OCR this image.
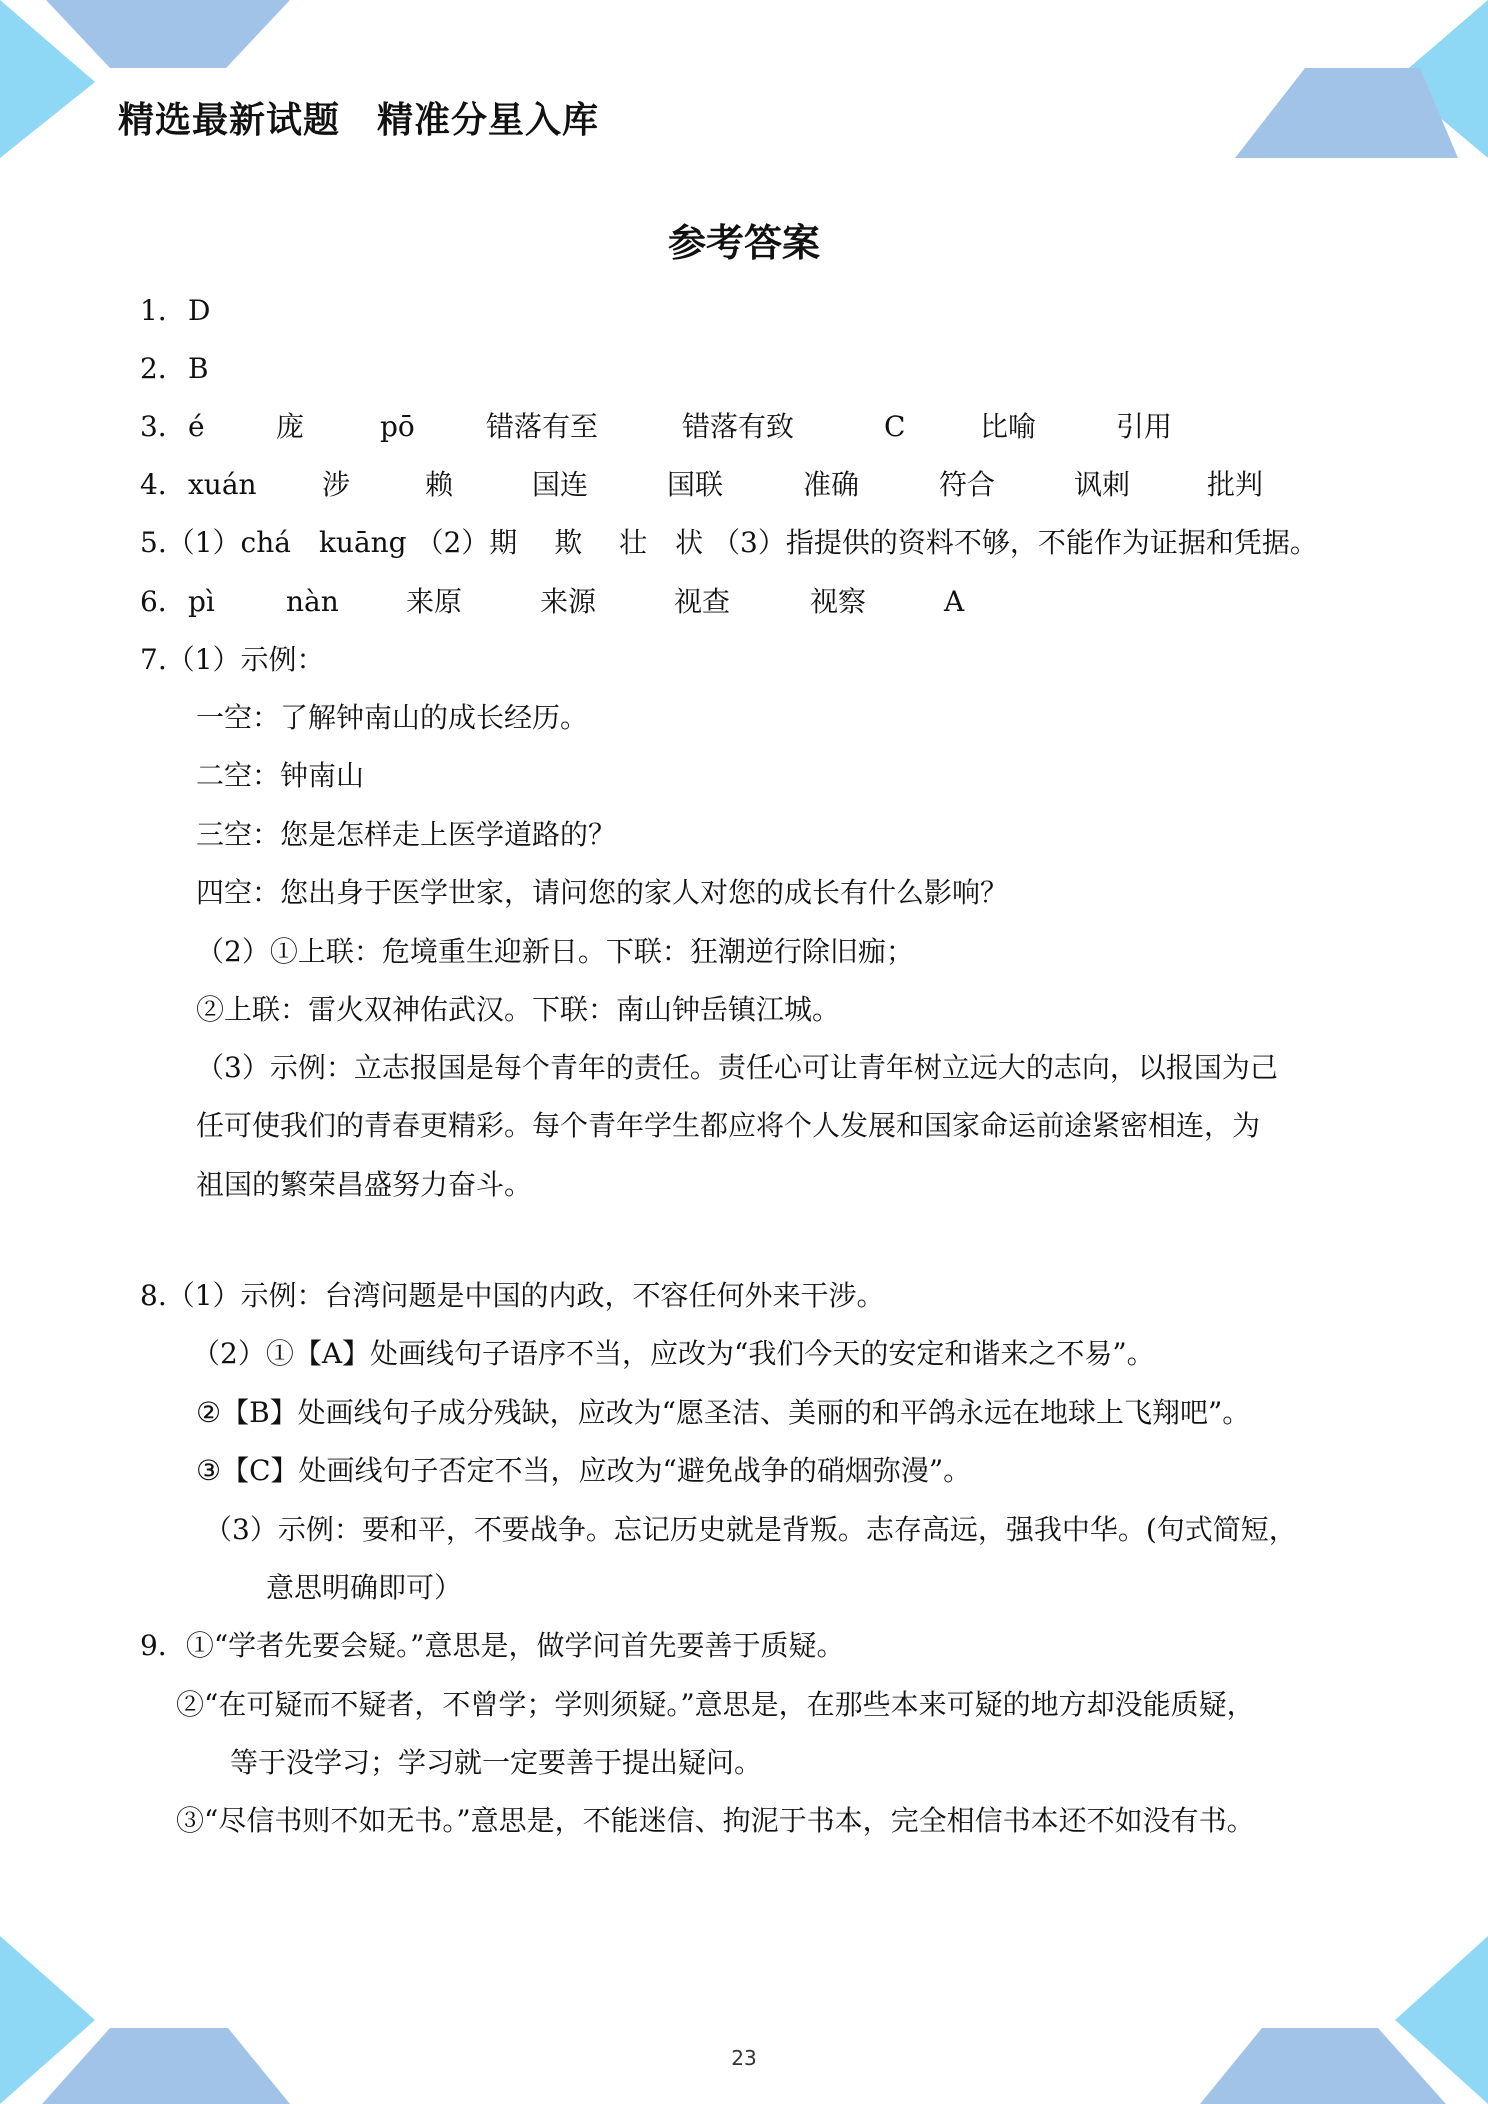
精选最新试题　精准分星入库
参考答案
1．D
2．B
3．é	庞	pō	错落有至	错落有致	C	比喻	引用
4．xuán 涉	赖	国连	国联	准确	符合	讽刺	批判
5.（1）chá　kuāng （2）期　 欺　 壮　状 （3）指提供的资料不够，不能作为证据和凭据。
6．pì	nàn 来原	来源	视查	视察	A
7.（1）示例：
一空：了解钟南山的成长经历。
二空：钟南山
三空：您是怎样走上医学道路的？
四空：您出身于医学世家，请问您的家人对您的成长有什么影响？
（2）①上联：危境重生迎新日。下联：狂潮逆行除旧痂；
②上联：雷火双神佑武汉。下联：南山钟岳镇江城。
（3）示例：立志报国是每个青年的责任。责任心可让青年树立远大的志向，以报国为己
任可使我们的青春更精彩。每个青年学生都应将个人发展和国家命运前途紧密相连，为
祖国的繁荣昌盛努力奋斗。
8.（1）示例：台湾问题是中国的内政，不容任何外来干涉。
（2）①【A】处画线句子语序不当，应改为“我们今天的安定和谐来之不易”。
②【B】处画线句子成分残缺，应改为“愿圣洁、美丽的和平鸽永远在地球上飞翔吧”。
③【C】处画线句子否定不当，应改为“避免战争的硝烟弥漫”。
（3）示例：要和平，不要战争。忘记历史就是背叛。志存高远，强我中华。(句式简短，
意思明确即可）
9．①“学者先要会疑。”意思是，做学问首先要善于质疑。
②“在可疑而不疑者，不曾学；学则须疑。”意思是，在那些本来可疑的地方却没能质疑，
等于没学习；学习就一定要善于提出疑问。
③“尽信书则不如无书。”意思是，不能迷信、拘泥于书本，完全相信书本还不如没有书。
23
